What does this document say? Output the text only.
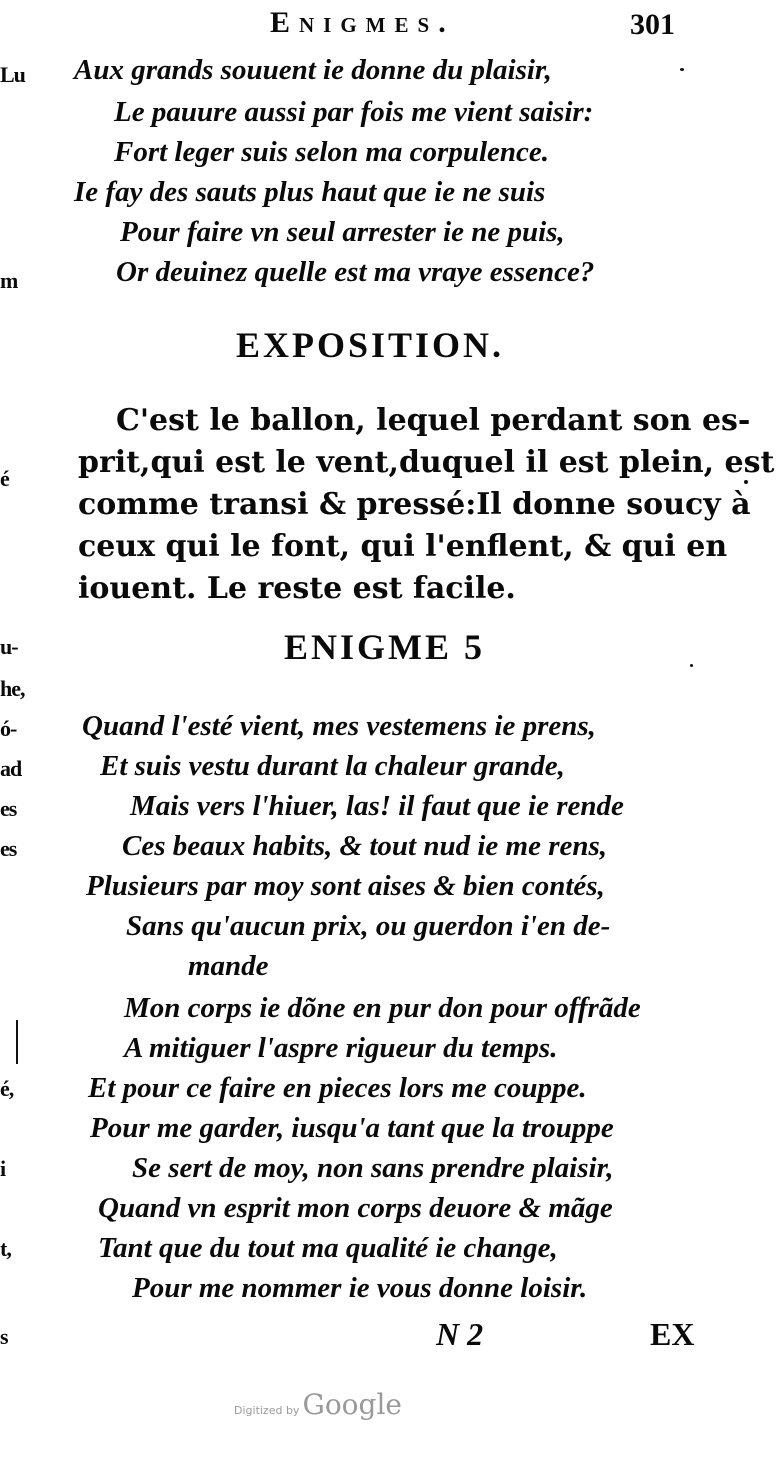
Lu
m
é
u-
he,
ó-
ad
es
es
é,
i
t,
s
Enigmes.	301
Aux grands souuent ie donne du plaisir,
Le pauure aussi par fois me vient saisir:
Fort leger suis selon ma corpulence.
Ie fay des sauts plus haut que ie ne suis
Pour faire vn seul arrester ie ne puis,
Or deuinez quelle est ma vraye essence?
EXPOSITION.
C'est le ballon, lequel perdant son es-
prit,qui est le vent,duquel il est plein, est
comme transi & pressé:Il donne soucy à
ceux qui le font, qui l'enflent, & qui en
iouent. Le reste est facile.
ENIGME 5
Quand l'esté vient, mes vestemens ie prens,
Et suis vestu durant la chaleur grande,
Mais vers l'hiuer, las! il faut que ie rende
Ces beaux habits, & tout nud ie me rens,
Plusieurs par moy sont aises & bien contés,
Sans qu'aucun prix, ou guerdon i'en de-
mande
Mon corps ie dõne en pur don pour offrãde
A mitiguer l'aspre rigueur du temps.
Et pour ce faire en pieces lors me couppe.
Pour me garder, iusqu'a tant que la trouppe
Se sert de moy, non sans prendre plaisir,
Quand vn esprit mon corps deuore & mãge
Tant que du tout ma qualité ie change,
Pour me nommer ie vous donne loisir.
N 2	EX
Digitized by Google
